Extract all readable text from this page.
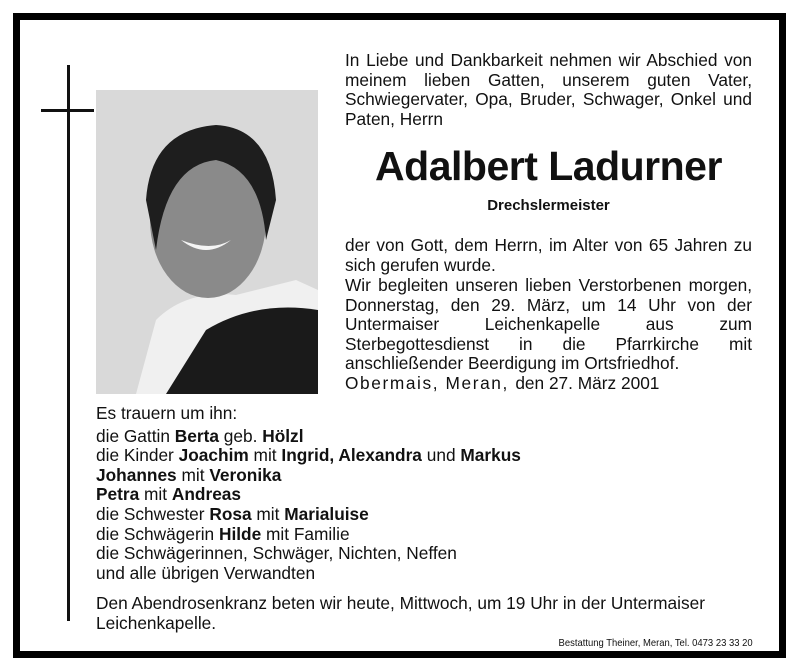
In Liebe und Dankbarkeit nehmen wir Abschied von meinem lieben Gatten, unserem guten Vater, Schwiegervater, Opa, Bruder, Schwager, Onkel und Paten, Herrn
Adalbert Ladurner
Drechslermeister
der von Gott, dem Herrn, im Alter von 65 Jahren zu sich gerufen wurde.
Wir begleiten unseren lieben Verstorbenen morgen, Donnerstag, den 29. März, um 14 Uhr von der Untermaiser Leichenkapelle aus zum Sterbegottesdienst in die Pfarrkirche mit anschließender Beerdigung im Ortsfriedhof.
Obermais, Meran, den 27. März 2001
Es trauern um ihn:
die Gattin Berta geb. Hölzl
die Kinder Joachim mit Ingrid, Alexandra und Markus
Johannes mit Veronika
Petra mit Andreas
die Schwester Rosa mit Marialuise
die Schwägerin Hilde mit Familie
die Schwägerinnen, Schwäger, Nichten, Neffen
und alle übrigen Verwandten
Den Abendrosenkranz beten wir heute, Mittwoch, um 19 Uhr in der Untermaiser Leichenkapelle.
Bestattung Theiner, Meran, Tel. 0473 23 33 20
